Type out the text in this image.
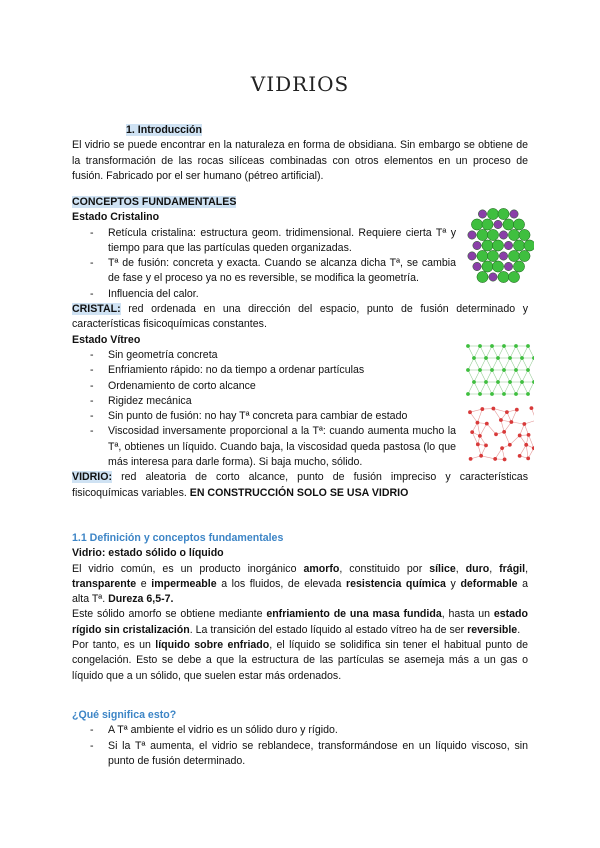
VIDRIOS
1. Introducción
El vidrio se puede encontrar en la naturaleza en forma de obsidiana. Sin embargo se obtiene de la transformación de las rocas silíceas combinadas con otros elementos en un proceso de fusión. Fabricado por el ser humano (pétreo artificial).
CONCEPTOS FUNDAMENTALES
Estado Cristalino
- Retícula cristalina: estructura geom. tridimensional. Requiere cierta Tª y tiempo para que las partículas queden organizadas.
- Tª de fusión: concreta y exacta. Cuando se alcanza dicha Tª, se cambia de fase y el proceso ya no es reversible, se modifica la geometría.
- Influencia del calor.
CRISTAL: red ordenada en una dirección del espacio, punto de fusión determinado y características fisicoquímicas constantes.
Estado Vítreo
- Sin geometría concreta
- Enfriamiento rápido: no da tiempo a ordenar partículas
- Ordenamiento de corto alcance
- Rigidez mecánica
- Sin punto de fusión: no hay Tª concreta para cambiar de estado
- Viscosidad inversamente proporcional a la Tª: cuando aumenta mucho la Tª, obtienes un líquido. Cuando baja, la viscosidad queda pastosa (lo que más interesa para darle forma). Si baja mucho, sólido.
VIDRIO: red aleatoria de corto alcance, punto de fusión impreciso y características fisicoquímicas variables. EN CONSTRUCCIÓN SOLO SE USA VIDRIO
1.1 Definición y conceptos fundamentales
Vidrio: estado sólido o líquido
El vidrio común, es un producto inorgánico amorfo, constituido por sílice, duro, frágil, transparente e impermeable a los fluidos, de elevada resistencia química y deformable a alta Tª. Dureza 6,5-7.
Este sólido amorfo se obtiene mediante enfriamiento de una masa fundida, hasta un estado rígido sin cristalización. La transición del estado líquido al estado vítreo ha de ser reversible.
Por tanto, es un líquido sobre enfriado, el líquido se solidifica sin tener el habitual punto de congelación. Esto se debe a que la estructura de las partículas se asemeja más a un gas o líquido que a un sólido, que suelen estar más ordenados.
¿Qué significa esto?
- A Tª ambiente el vidrio es un sólido duro y rígido.
- Si la Tª aumenta, el vidrio se reblandece, transformándose en un líquido viscoso, sin punto de fusión determinado.
